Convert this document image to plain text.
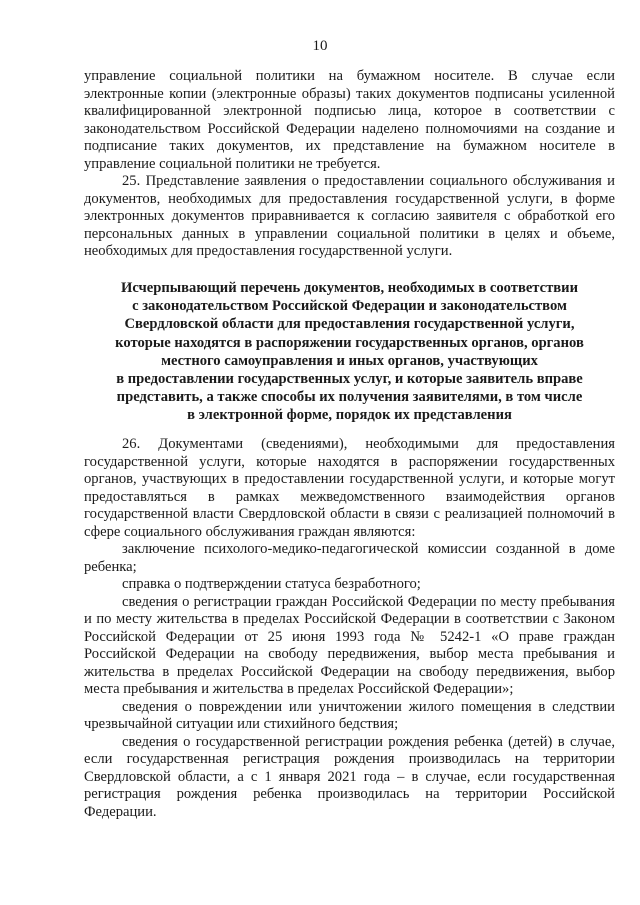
10

управление социальной политики на бумажном носителе. В случае если электронные копии (электронные образы) таких документов подписаны усиленной квалифицированной электронной подписью лица, которое в соответствии с законодательством Российской Федерации наделено полномочиями на создание и подписание таких документов, их представление на бумажном носителе в управление социальной политики не требуется.

25. Представление заявления о предоставлении социального обслуживания и документов, необходимых для предоставления государственной услуги, в форме электронных документов приравнивается к согласию заявителя с обработкой его персональных данных в управлении социальной политики в целях и объеме, необходимых для предоставления государственной услуги.

Исчерпывающий перечень документов, необходимых в соответствии
с законодательством Российской Федерации и законодательством
Свердловской области для предоставления государственной услуги,
которые находятся в распоряжении государственных органов, органов
местного самоуправления и иных органов, участвующих
в предоставлении государственных услуг, и которые заявитель вправе
представить, а также способы их получения заявителями, в том числе
в электронной форме, порядок их представления

26. Документами (сведениями), необходимыми для предоставления государственной услуги, которые находятся в распоряжении государственных органов, участвующих в предоставлении государственной услуги, и которые могут предоставляться в рамках межведомственного взаимодействия органов государственной власти Свердловской области в связи с реализацией полномочий в сфере социального обслуживания граждан являются:

заключение психолого-медико-педагогической комиссии созданной в доме ребенка;

справка о подтверждении статуса безработного;

сведения о регистрации граждан Российской Федерации по месту пребывания и по месту жительства в пределах Российской Федерации в соответствии с Законом Российской Федерации от 25 июня 1993 года № 5242-1 «О праве граждан Российской Федерации на свободу передвижения, выбор места пребывания и жительства в пределах Российской Федерации на свободу передвижения, выбор места пребывания и жительства в пределах Российской Федерации»;

сведения о повреждении или уничтожении жилого помещения в следствии чрезвычайной ситуации или стихийного бедствия;

сведения о государственной регистрации рождения ребенка (детей) в случае, если государственная регистрация рождения производилась на территории Свердловской области, а с 1 января 2021 года – в случае, если государственная регистрация рождения ребенка производилась на территории Российской Федерации.
